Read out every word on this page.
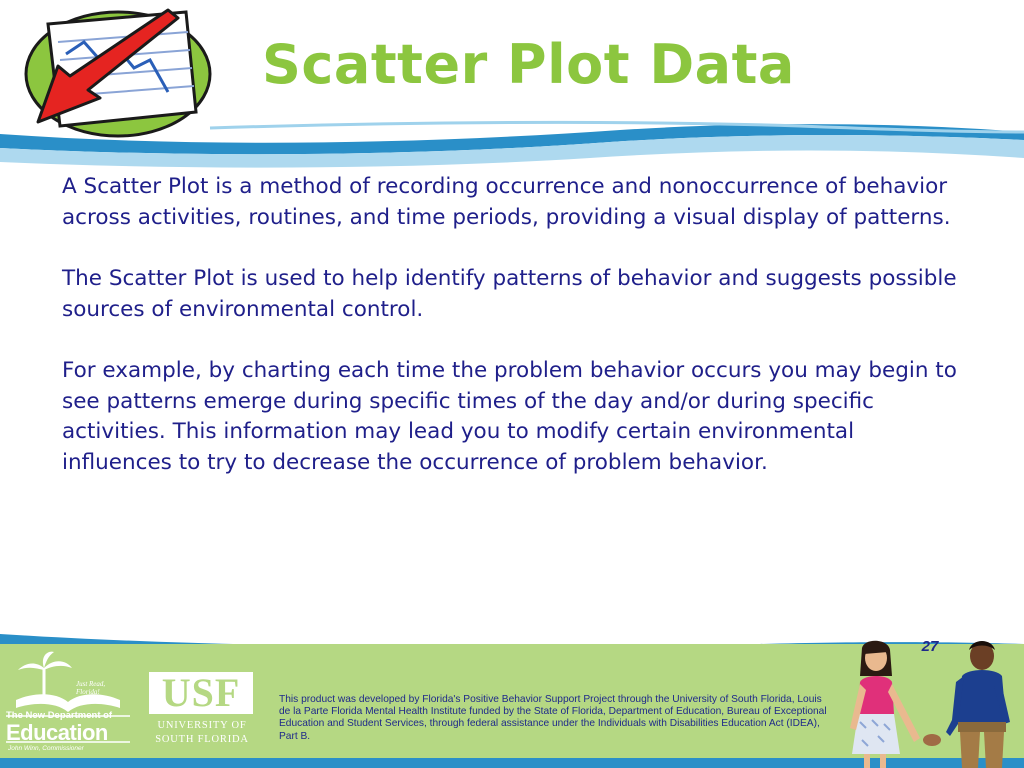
Scatter Plot Data

A Scatter Plot is a method of recording occurrence and nonoccurrence of behavior across activities, routines, and time periods, providing a visual display of patterns.

The Scatter Plot is used to help identify patterns of behavior and suggests possible sources of environmental control.

For example, by charting each time the problem behavior occurs you may begin to see patterns emerge during specific times of the day and/or during specific activities. This information may lead you to modify certain environmental influences to try to decrease the occurrence of problem behavior.

27
Just Read, Florida!
The New Department of
Education
John Winn, Commissioner
USF
UNIVERSITY OF
SOUTH FLORIDA
This product was developed by Florida's Positive Behavior Support Project through the University of South Florida, Louis de la Parte Florida Mental Health Institute funded by the State of Florida, Department of Education, Bureau of Exceptional Education and Student Services, through federal assistance under the Individuals with Disabilities Education Act (IDEA), Part B.
